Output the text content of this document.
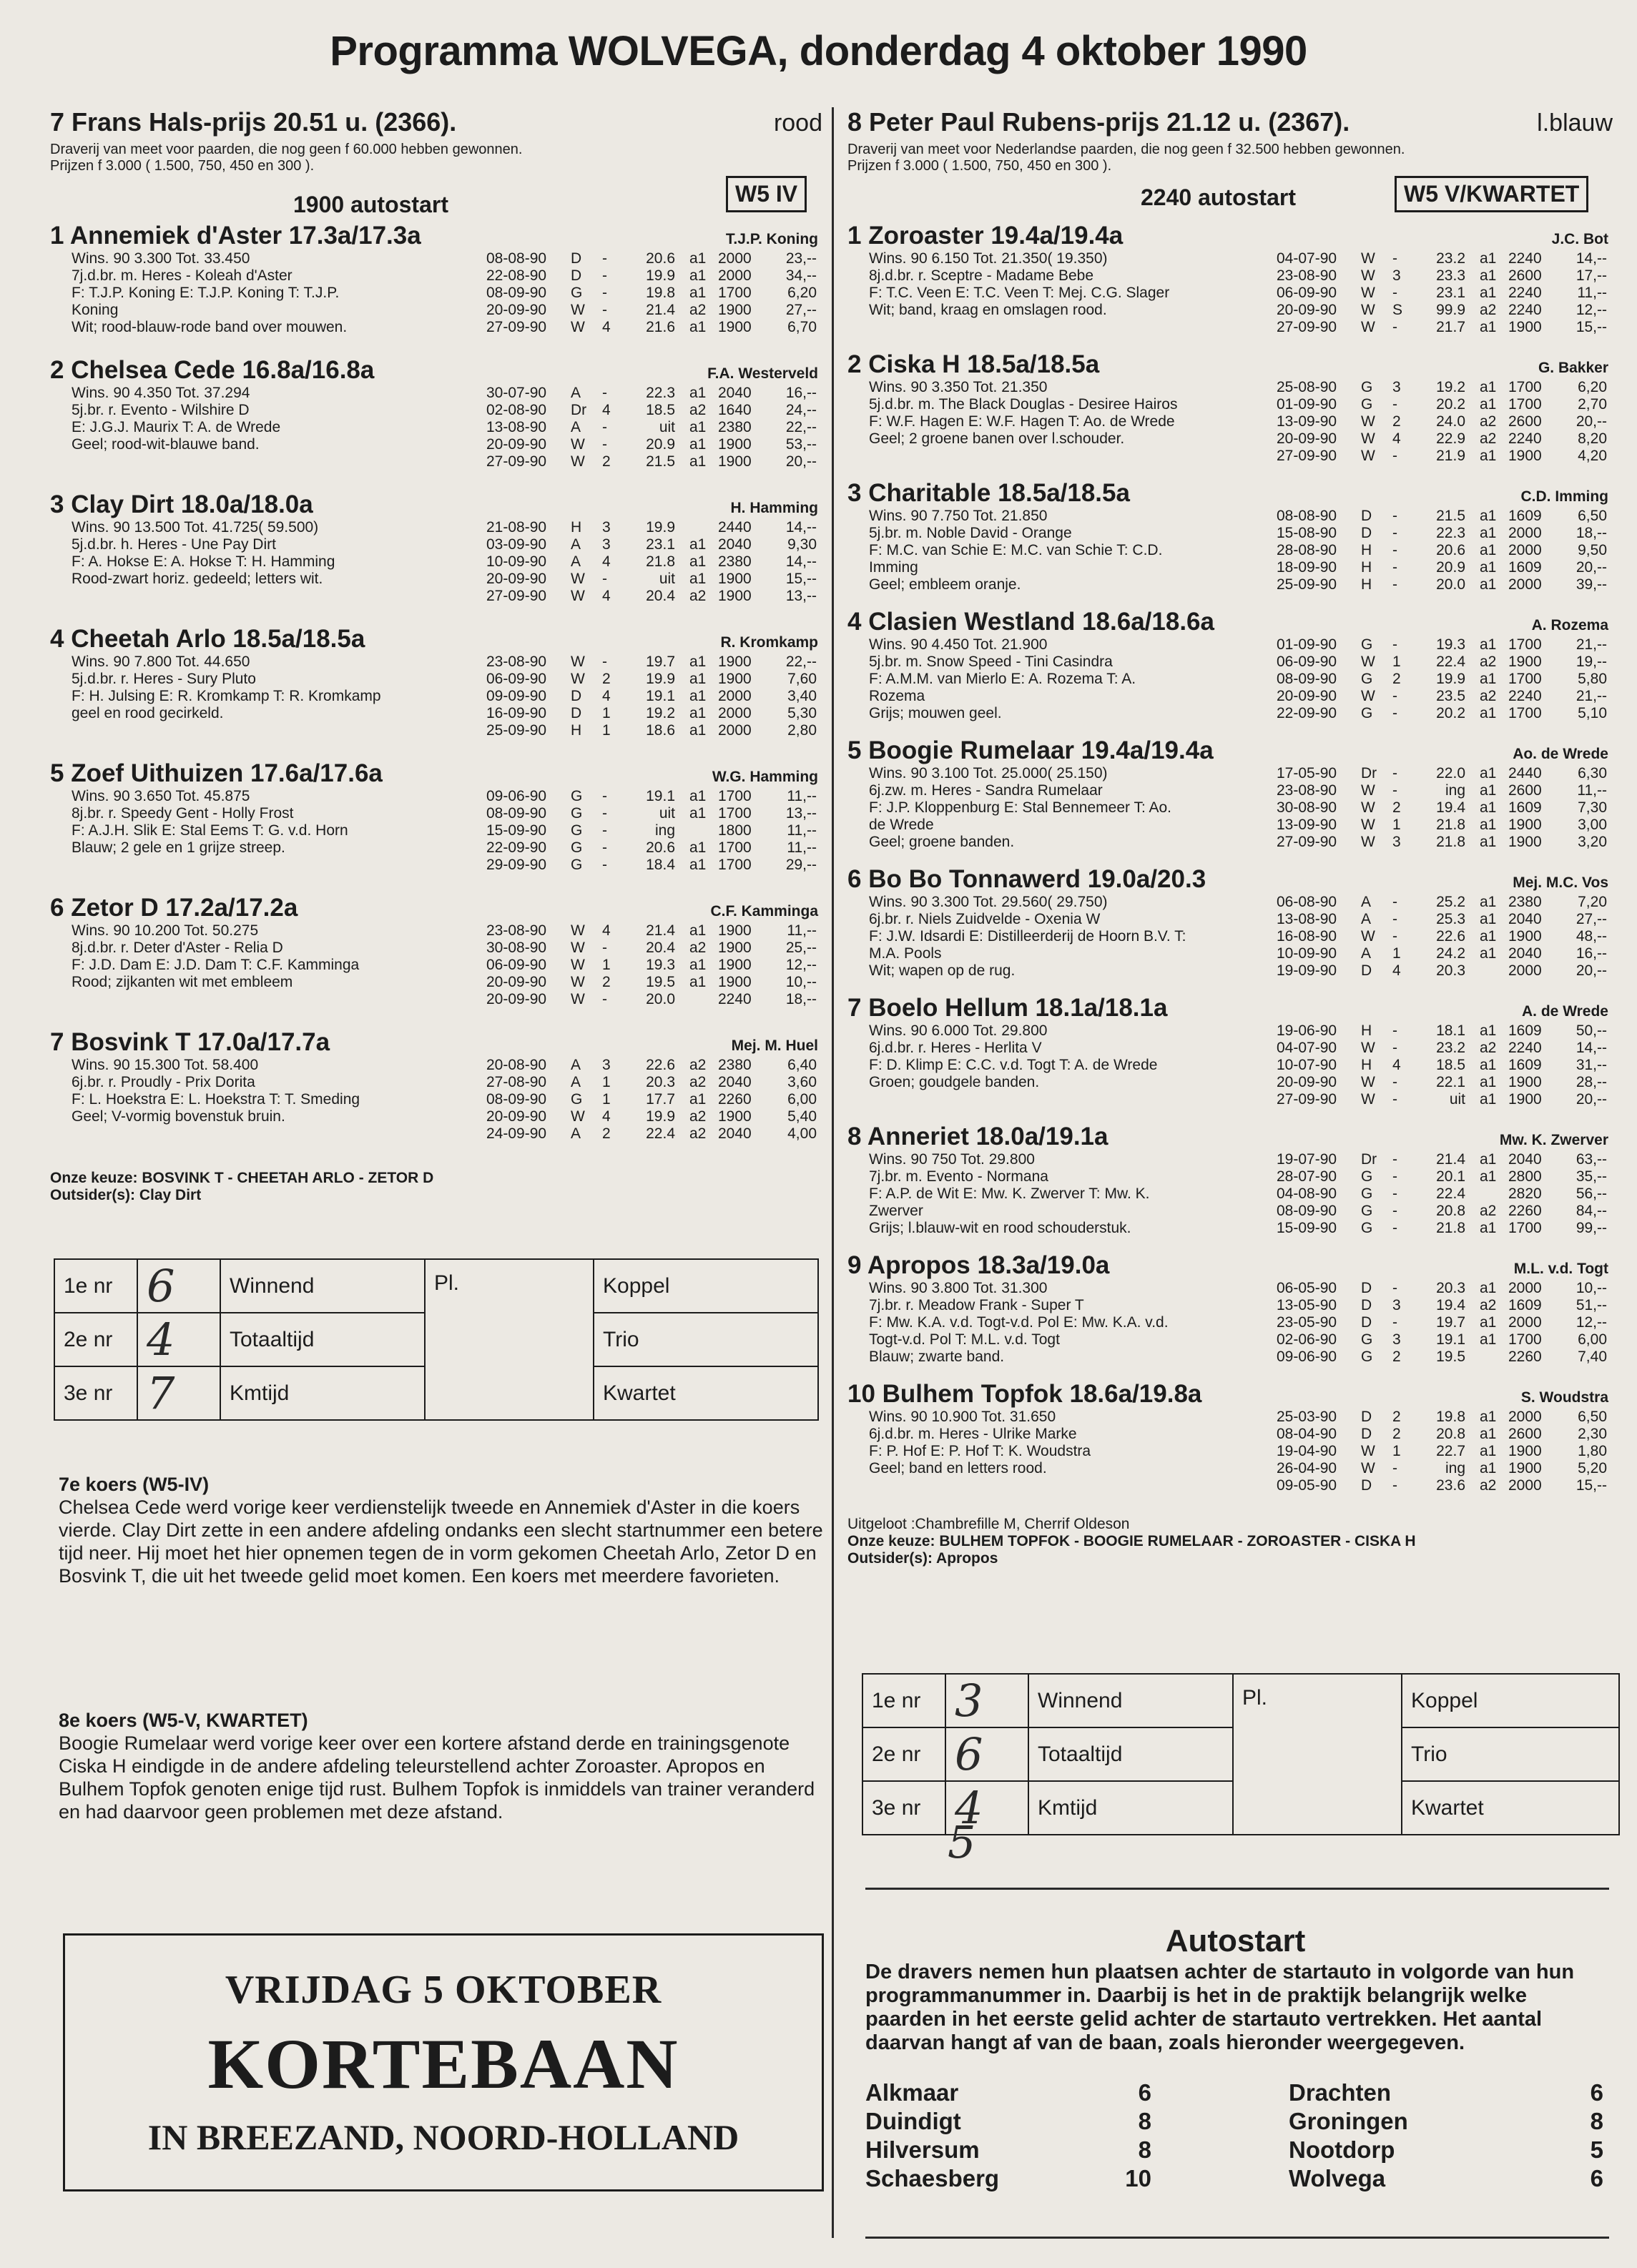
Programma WOLVEGA, donderdag 4 oktober 1990
7 Frans Hals-prijs 20.51 u. (2366).	rood
Draverij van meet voor paarden, die nog geen f 60.000 hebben gewonnen.
Prijzen f 3.000 ( 1.500, 750, 450 en 300 ).
1900 autostart	W5 IV
1 Annemiek d'Aster 17.3a/17.3a	T.J.P. Koning
Wins. 90 3.300 Tot. 33.450
7j.d.br. m. Heres - Koleah d'Aster
F: T.J.P. Koning E: T.J.P. Koning T: T.J.P.
Koning
Wit; rood-blauw-rode band over mouwen.
08-08-90	D	-	20.6 a1 2000	23,--
22-08-90	D	-	19.9 a1 2000	34,--
08-09-90	G	-	19.8 a1 1700	6,20
20-09-90	W	-	21.4 a2 1900	27,--
27-09-90	W	4	21.6 a1 1900	6,70
2 Chelsea Cede 16.8a/16.8a	F.A. Westerveld
Wins. 90 4.350 Tot. 37.294
5j.br. r. Evento - Wilshire D
E: J.G.J. Maurix T: A. de Wrede
Geel; rood-wit-blauwe band.
30-07-90	A	-	22.3 a1 2040	16,--
02-08-90	Dr	4	18.5 a2 1640	24,--
13-08-90	A	-	uit a1 2380	22,--
20-09-90	W	-	20.9 a1 1900	53,--
27-09-90	W	2	21.5 a1 1900	20,--
3 Clay Dirt 18.0a/18.0a	H. Hamming
Wins. 90 13.500 Tot. 41.725( 59.500)
5j.d.br. h. Heres - Une Pay Dirt
F: A. Hokse E: A. Hokse T: H. Hamming
Rood-zwart horiz. gedeeld; letters wit.
21-08-90	H	3	19.9	2440	14,--
03-09-90	A	3	23.1 a1 2040	9,30
10-09-90	A	4	21.8 a1 2380	14,--
20-09-90	W	-	uit a1 1900	15,--
27-09-90	W	4	20.4 a2 1900	13,--
4 Cheetah Arlo 18.5a/18.5a	R. Kromkamp
Wins. 90 7.800 Tot. 44.650
5j.d.br. r. Heres - Sury Pluto
F: H. Julsing E: R. Kromkamp T: R. Kromkamp
geel en rood gecirkeld.
23-08-90	W	-	19.7 a1 1900	22,--
06-09-90	W	2	19.9 a1 1900	7,60
09-09-90	D	4	19.1 a1 2000	3,40
16-09-90	D	1	19.2 a1 2000	5,30
25-09-90	H	1	18.6 a1 2000	2,80
5 Zoef Uithuizen 17.6a/17.6a	W.G. Hamming
Wins. 90 3.650 Tot. 45.875
8j.br. r. Speedy Gent - Holly Frost
F: A.J.H. Slik E: Stal Eems T: G. v.d. Horn
Blauw; 2 gele en 1 grijze streep.
09-06-90	G	-	19.1 a1 1700	11,--
08-09-90	G	-	uit a1 1700	13,--
15-09-90	G	-	ing	1800	11,--
22-09-90	G	-	20.6 a1 1700	11,--
29-09-90	G	-	18.4 a1 1700	29,--
6 Zetor D 17.2a/17.2a	C.F. Kamminga
Wins. 90 10.200 Tot. 50.275
8j.d.br. r. Deter d'Aster - Relia D
F: J.D. Dam E: J.D. Dam T: C.F. Kamminga
Rood; zijkanten wit met embleem
23-08-90	W	4	21.4 a1 1900	11,--
30-08-90	W	-	20.4 a2 1900	25,--
06-09-90	W	1	19.3 a1 1900	12,--
20-09-90	W	2	19.5 a1 1900	10,--
20-09-90	W	-	20.0	2240	18,--
7 Bosvink T 17.0a/17.7a	Mej. M. Huel
Wins. 90 15.300 Tot. 58.400
6j.br. r. Proudly - Prix Dorita
F: L. Hoekstra E: L. Hoekstra T: T. Smeding
Geel; V-vormig bovenstuk bruin.
20-08-90	A	3	22.6 a2 2380	6,40
27-08-90	A	1	20.3 a2 2040	3,60
08-09-90	G	1	17.7 a1 2260	6,00
20-09-90	W	4	19.9 a2 1900	5,40
24-09-90	A	2	22.4 a2 2040	4,00
Onze keuze: BOSVINK T - CHEETAH ARLO - ZETOR D
Outsider(s): Clay Dirt
1e nr	6	Winnend	Pl.	Koppel
2e nr	4	Totaaltijd		Trio
3e nr	7	Kmtijd		Kwartet
7e koers (W5-IV)
Chelsea Cede werd vorige keer verdienstelijk tweede en Annemiek d'Aster in die koers vierde. Clay Dirt zette in een andere afdeling ondanks een slecht startnummer een betere tijd neer. Hij moet het hier opnemen tegen de in vorm gekomen Cheetah Arlo, Zetor D en Bosvink T, die uit het tweede gelid moet komen. Een koers met meerdere favorieten.
8e koers (W5-V, KWARTET)
Boogie Rumelaar werd vorige keer over een kortere afstand derde en trainingsgenote Ciska H eindigde in de andere afdeling teleurstellend achter Zoroaster. Apropos en Bulhem Topfok genoten enige tijd rust. Bulhem Topfok is inmiddels van trainer veranderd en had daarvoor geen problemen met deze afstand.
VRIJDAG 5 OKTOBER
KORTEBAAN
IN BREEZAND, NOORD-HOLLAND
8 Peter Paul Rubens-prijs 21.12 u. (2367).	l.blauw
Draverij van meet voor Nederlandse paarden, die nog geen f 32.500 hebben gewonnen.
Prijzen f 3.000 ( 1.500, 750, 450 en 300 ).
2240 autostart	W5 V/KWARTET
1 Zoroaster 19.4a/19.4a	J.C. Bot
Wins. 90 6.150 Tot. 21.350( 19.350)
8j.d.br. r. Sceptre - Madame Bebe
F: T.C. Veen E: T.C. Veen T: Mej. C.G. Slager
Wit; band, kraag en omslagen rood.
04-07-90	W	-	23.2 a1 2240	14,--
23-08-90	W	3	23.3 a1 2600	17,--
06-09-90	W	-	23.1 a1 2240	11,--
20-09-90	W	S	99.9 a2 2240	12,--
27-09-90	W	-	21.7 a1 1900	15,--
2 Ciska H 18.5a/18.5a	G. Bakker
Wins. 90 3.350 Tot. 21.350
5j.d.br. m. The Black Douglas - Desiree Hairos
F: W.F. Hagen E: W.F. Hagen T: Ao. de Wrede
Geel; 2 groene banen over l.schouder.
25-08-90	G	3	19.2 a1 1700	6,20
01-09-90	G	-	20.2 a1 1700	2,70
13-09-90	W	2	24.0 a2 2600	20,--
20-09-90	W	4	22.9 a2 2240	8,20
27-09-90	W	-	21.9 a1 1900	4,20
3 Charitable 18.5a/18.5a	C.D. Imming
Wins. 90 7.750 Tot. 21.850
5j.br. m. Noble David - Orange
F: M.C. van Schie E: M.C. van Schie T: C.D.
Imming
Geel; embleem oranje.
08-08-90	D	-	21.5 a1 1609	6,50
15-08-90	D	-	22.3 a1 2000	18,--
28-08-90	H	-	20.6 a1 2000	9,50
18-09-90	H	-	20.9 a1 1609	20,--
25-09-90	H	-	20.0 a1 2000	39,--
4 Clasien Westland 18.6a/18.6a	A. Rozema
Wins. 90 4.450 Tot. 21.900
5j.br. m. Snow Speed - Tini Casindra
F: A.M.M. van Mierlo E: A. Rozema T: A.
Rozema
Grijs; mouwen geel.
01-09-90	G	-	19.3 a1 1700	21,--
06-09-90	W	1	22.4 a2 1900	19,--
08-09-90	G	2	19.9 a1 1700	5,80
20-09-90	W	-	23.5 a2 2240	21,--
22-09-90	G	-	20.2 a1 1700	5,10
5 Boogie Rumelaar 19.4a/19.4a	Ao. de Wrede
Wins. 90 3.100 Tot. 25.000( 25.150)
6j.zw. m. Heres - Sandra Rumelaar
F: J.P. Kloppenburg E: Stal Bennemeer T: Ao.
de Wrede
Geel; groene banden.
17-05-90	Dr	-	22.0 a1 2440	6,30
23-08-90	W	-	ing a1 2600	11,--
30-08-90	W	2	19.4 a1 1609	7,30
13-09-90	W	1	21.8 a1 1900	3,00
27-09-90	W	3	21.8 a1 1900	3,20
6 Bo Bo Tonnawerd 19.0a/20.3	Mej. M.C. Vos
Wins. 90 3.300 Tot. 29.560( 29.750)
6j.br. r. Niels Zuidvelde - Oxenia W
F: J.W. Idsardi E: Distilleerderij de Hoorn B.V. T:
M.A. Pools
Wit; wapen op de rug.
06-08-90	A	-	25.2 a1 2380	7,20
13-08-90	A	-	25.3 a1 2040	27,--
16-08-90	W	-	22.6 a1 1900	48,--
10-09-90	A	1	24.2 a1 2040	16,--
19-09-90	D	4	20.3	2000	20,--
7 Boelo Hellum 18.1a/18.1a	A. de Wrede
Wins. 90 6.000 Tot. 29.800
6j.d.br. r. Heres - Herlita V
F: D. Klimp E: C.C. v.d. Togt T: A. de Wrede
Groen; goudgele banden.
19-06-90	H	-	18.1 a1 1609	50,--
04-07-90	W	-	23.2 a2 2240	14,--
10-07-90	H	4	18.5 a1 1609	31,--
20-09-90	W	-	22.1 a1 1900	28,--
27-09-90	W	-	uit a1 1900	20,--
8 Anneriet 18.0a/19.1a	Mw. K. Zwerver
Wins. 90 750 Tot. 29.800
7j.br. m. Evento - Normana
F: A.P. de Wit E: Mw. K. Zwerver T: Mw. K.
Zwerver
Grijs; l.blauw-wit en rood schouderstuk.
19-07-90	Dr	-	21.4 a1 2040	63,--
28-07-90	G	-	20.1 a1 2800	35,--
04-08-90	G	-	22.4	2820	56,--
08-09-90	G	-	20.8 a2 2260	84,--
15-09-90	G	-	21.8 a1 1700	99,--
9 Apropos 18.3a/19.0a	M.L. v.d. Togt
Wins. 90 3.800 Tot. 31.300
7j.br. r. Meadow Frank - Super T
F: Mw. K.A. v.d. Togt-v.d. Pol E: Mw. K.A. v.d.
Togt-v.d. Pol T: M.L. v.d. Togt
Blauw; zwarte band.
06-05-90	D	-	20.3 a1 2000	10,--
13-05-90	D	3	19.4 a2 1609	51,--
23-05-90	D	-	19.7 a1 2000	12,--
02-06-90	G	3	19.1 a1 1700	6,00
09-06-90	G	2	19.5	2260	7,40
10 Bulhem Topfok 18.6a/19.8a	S. Woudstra
Wins. 90 10.900 Tot. 31.650
6j.d.br. m. Heres - Ulrike Marke
F: P. Hof E: P. Hof T: K. Woudstra
Geel; band en letters rood.
25-03-90	D	2	19.8 a1 2000	6,50
08-04-90	D	2	20.8 a1 2600	2,30
19-04-90	W	1	22.7 a1 1900	1,80
26-04-90	W	-	ing a1 1900	5,20
09-05-90	D	-	23.6 a2 2000	15,--
Uitgeloot :Chambrefille M, Cherrif Oldeson
Onze keuze: BULHEM TOPFOK - BOOGIE RUMELAAR - ZOROASTER - CISKA H
Outsider(s): Apropos
1e nr	3	Winnend	Pl.	Koppel
2e nr	6	Totaaltijd		Trio
3e nr	4	Kmtijd		Kwartet
5
Autostart
De dravers nemen hun plaatsen achter de startauto in volgorde van hun programmanummer in. Daarbij is het in de praktijk belangrijk welke paarden in het eerste gelid achter de startauto vertrekken. Het aantal daarvan hangt af van de baan, zoals hieronder weergegeven.
Alkmaar	6
Duindigt	8
Hilversum	8
Schaesberg	10
Drachten	6
Groningen	8
Nootdorp	5
Wolvega	6
